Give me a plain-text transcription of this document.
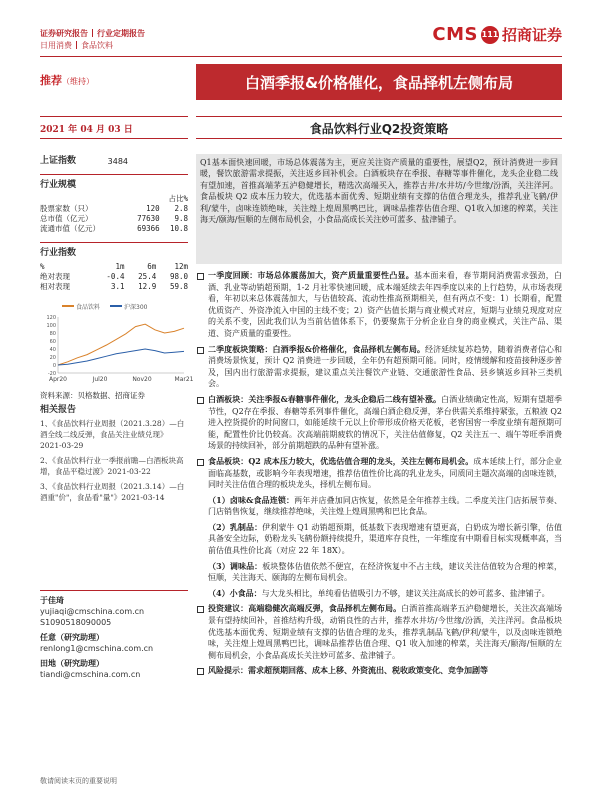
证券研究报告 行业定期报告
日用消费 食品饮料
CMS 111 招商证券
推荐（维持）	白酒季报&价格催化，食品择机左侧布局
2021 年 04 月 03 日	食品饮料行业Q2投资策略
上证指数	3484
行业规模
		占比%
股票家数（只）	120	2.8
总市值（亿元）	77630	9.8
流通市值（亿元）	69366	10.8
行业指数
%	1m	6m	12m
绝对表现	-0.4	25.4	98.0
相对表现	3.1	12.9	59.8
食品饮料	沪深300
120
100
80
60
40
20
0
-20
Apr20	Jul20	Nov20	Mar21
资料来源：贝格数据、招商证券
相关报告
1、《食品饮料行业周报（2021.3.28）—白酒全线二线反弹，食品关注业绩兑现》2021-03-29
2、《食品饮料行业一季报前瞻—白酒板块高增，食品平稳过渡》2021-03-22
3、《食品饮料行业周报（2021.3.14）—白酒重"价"，食品看"量"》2021-03-14
于佳琦
yujiaqi@cmschina.com.cn
S1090518090005
任意（研究助理）
renlong1@cmschina.com.cn
田地（研究助理）
tiandi@cmschina.com.cn
Q1基本面快速回暖，市场总体震荡为主，更应关注资产质量的重要性，展望Q2，预计消费进一步回暖，餐饮旅游需求提振，关注返乡回补机会。白酒板块存在季报、春糖等事件催化，龙头企业稳二线有望加速，首推高端茅五泸稳健增长，精选次高端买入，推荐古井/水井坊/今世缘/汾酒，关注洋河。食品板块 Q2 成本压力较大，优选基本面优秀、短期业绩有支撑的估值合理龙头，推荐乳业飞鹤/伊利/蒙牛，卤味连锁绝味，关注煌上煌周黑鸭巴比，调味品推荐估值合理、Q1收入加速的榨菜，关注海天/颐海/恒顺的左侧布局机会，小食品高成长关注妙可蓝多、盐津铺子。
一季度回顾：市场总体震荡加大，资产质量重要性凸显。基本面来看，春节期间消费需求强劲，白酒、乳业等动销超预期，1-2 月社零快速回暖，成本端延续去年四季度以来的上行趋势，从市场表现看，年初以来总体震荡加大，与估值较高、流动性推高预期相关，但有两点不变：1）长期看，配置优质资产、外资净流入中国的主线不变；2）资产估值长期与商业模式对应，短期与业绩兑现度对应的关系不变，因此我们认为当前估值体系下，仍要聚焦于分析企业自身的商业模式，关注产品、渠道、资产质量的重要性。
二季度板块策略：白酒季报&价格催化，食品择机左侧布局。经济延续复苏趋势，随着消费者信心和消费场景恢复，预计 Q2 消费进一步回暖，全年仍有超预期可能。同时，疫情缓解和疫苗接种逐步普及，国内出行旅游需求提振，建议重点关注餐饮产业链、交通旅游性食品、县乡镇返乡回补三类机会。
白酒板块：关注季报&春糖事件催化，龙头企稳后二线有望补涨。白酒业绩确定性高，短期有望超季节性，Q2存在季报、春糖等系列事件催化，高端白酒企稳反弹，茅台供需关系维持紧张，五粮液 Q2 进入控货提价的时间窗口，如能延续千元以上价带形成价格天花板，老窖国窖一季度业绩有超预期可能，配置性价比仍较高。次高端前期疲软的情况下，关注估值修复，Q2 关注五一、端午等旺季消费场景的持续回补，部分前期超跌的品种有望补涨。
食品板块：Q2 成本压力较大，优选估值合理的龙头，关注左侧布局机会。成本延续上行，部分企业面临高基数，或影响今年表现增速，推荐估值性价比高的乳业龙头，同质同主题次高端的卤味连锁，同时关注估值合理的板块龙头，择机左侧布局。
（1）卤味&食品连锁：两年并店叠加同店恢复，依然是全年推荐主线。二季度关注门店拓展节奏、门店销售恢复，继续推荐绝味，关注煌上煌周黑鸭和巴比食品。
（2）乳制品：伊利蒙牛 Q1 动销超预期，低基数下表现增速有望更高，白奶成为增长新引擎，估值具备安全边际，奶粉龙头飞鹤份额持续提升，渠道库存良性，一年维度有中期看目标实现概率高，当前估值具性价比高（对应 22 年 18X）。
（3）调味品：板块整体估值依然不便宜，在经济恢复中不占主线，建议关注估值较为合理的榨菜，恒顺，关注海天、颐海的左侧布局机会。
（4）小食品：与大龙头相比，单纯看估值吸引力不够，建议关注高成长的妙可蓝多、盐津铺子。
投资建议：高端稳健次高端反弹，食品择机左侧布局。白酒首推高端茅五泸稳健增长，关注次高端场景有望持续回补，首推结构升级，动销良性的古井，推荐水井坊/今世缘/汾酒，关注洋河。食品板块优选基本面优秀、短期业绩有支撑的估值合理的龙头，推荐乳制品飞鹤/伊利/蒙牛，以及卤味连锁绝味，关注煌上煌周黑鸭巴比，调味品推荐估值合理、Q1 收入加速的榨菜，关注海天/颐海/恒顺的左侧布局机会，小食品高成长关注妙可蓝多、盐津铺子。
风险提示：需求超预期回落、成本上移、外资流出、税收政策变化、竞争加剧等
敬请阅读末页的重要说明
